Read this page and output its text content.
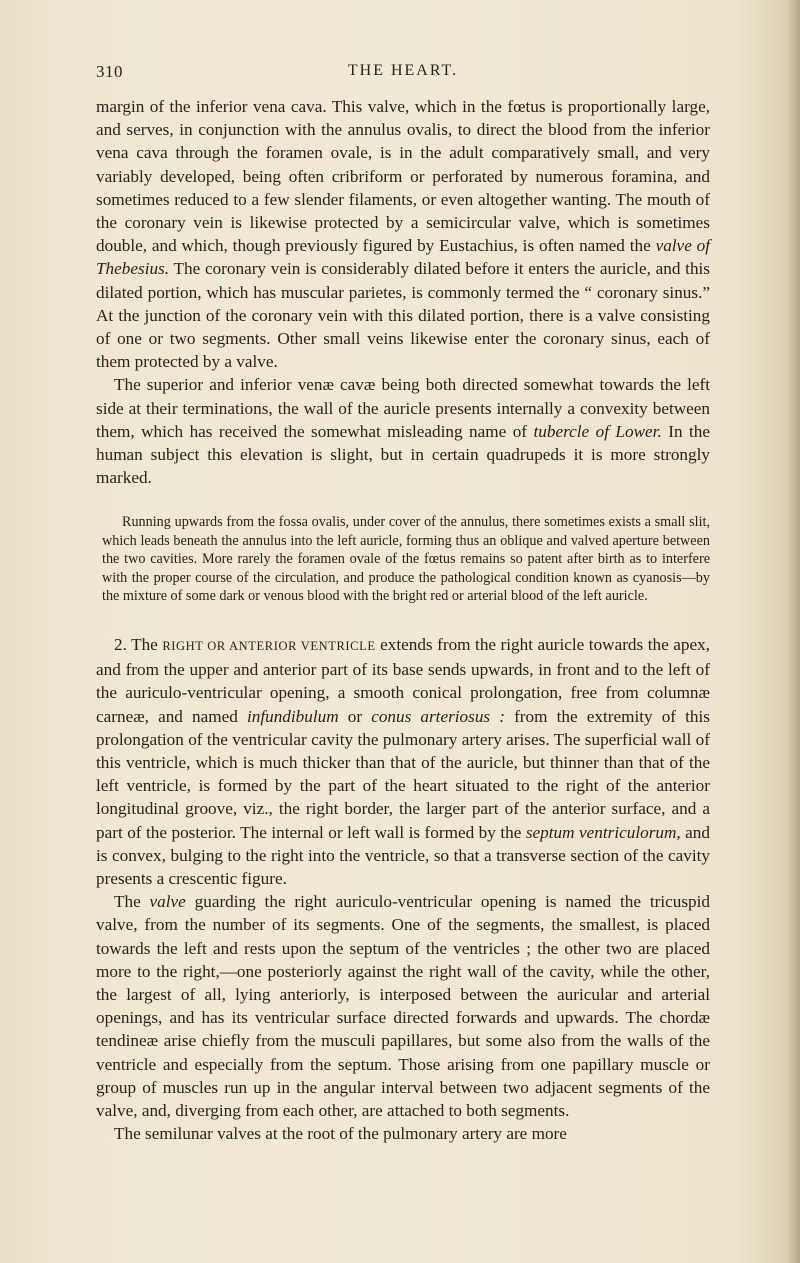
310	THE HEART.

margin of the inferior vena cava. This valve, which in the fœtus is proportionally large, and serves, in conjunction with the annulus ovalis, to direct the blood from the inferior vena cava through the foramen ovale, is in the adult comparatively small, and very variably developed, being often cribriform or perforated by numerous foramina, and sometimes reduced to a few slender filaments, or even altogether wanting. The mouth of the coronary vein is likewise protected by a semicircular valve, which is sometimes double, and which, though previously figured by Eustachius, is often named the valve of Thebesius. The coronary vein is considerably dilated before it enters the auricle, and this dilated portion, which has muscular parietes, is commonly termed the “ coronary sinus.” At the junction of the coronary vein with this dilated portion, there is a valve consisting of one or two segments. Other small veins likewise enter the coronary sinus, each of them protected by a valve.

The superior and inferior venæ cavæ being both directed somewhat towards the left side at their terminations, the wall of the auricle presents internally a convexity between them, which has received the somewhat misleading name of tubercle of Lower. In the human subject this elevation is slight, but in certain quadrupeds it is more strongly marked.

Running upwards from the fossa ovalis, under cover of the annulus, there sometimes exists a small slit, which leads beneath the annulus into the left auricle, forming thus an oblique and valved aperture between the two cavities. More rarely the foramen ovale of the fœtus remains so patent after birth as to interfere with the proper course of the circulation, and produce the pathological condition known as cyanosis—by the mixture of some dark or venous blood with the bright red or arterial blood of the left auricle.

2. The RIGHT OR ANTERIOR VENTRICLE extends from the right auricle towards the apex, and from the upper and anterior part of its base sends upwards, in front and to the left of the auriculo-ventricular opening, a smooth conical prolongation, free from columnæ carneæ, and named infundibulum or conus arteriosus : from the extremity of this prolongation of the ventricular cavity the pulmonary artery arises. The superficial wall of this ventricle, which is much thicker than that of the auricle, but thinner than that of the left ventricle, is formed by the part of the heart situated to the right of the anterior longitudinal groove, viz., the right border, the larger part of the anterior surface, and a part of the posterior. The internal or left wall is formed by the septum ventriculorum, and is convex, bulging to the right into the ventricle, so that a transverse section of the cavity presents a crescentic figure.

The valve guarding the right auriculo-ventricular opening is named the tricuspid valve, from the number of its segments. One of the segments, the smallest, is placed towards the left and rests upon the septum of the ventricles ; the other two are placed more to the right,—one posteriorly against the right wall of the cavity, while the other, the largest of all, lying anteriorly, is interposed between the auricular and arterial openings, and has its ventricular surface directed forwards and upwards. The chordæ tendineæ arise chiefly from the musculi papillares, but some also from the walls of the ventricle and especially from the septum. Those arising from one papillary muscle or group of muscles run up in the angular interval between two adjacent segments of the valve, and, diverging from each other, are attached to both segments.

The semilunar valves at the root of the pulmonary artery are more
